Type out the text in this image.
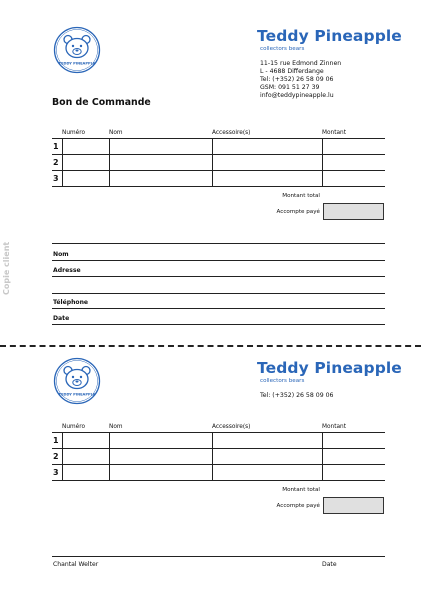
TEDDY PINEAPPLE
Teddy Pineapple
collectors bears
11-15 rue Edmond Zinnen
L - 4688 Differdange
Tel: (+352) 26 58 09 06
GSM: 091 51 27 39
info@teddypineapple.lu
Bon de Commande
Numéro	Nom	Accessoire(s)	Montant
1
2
3
Montant total
Accompte payé
Nom
Adresse
Téléphone
Date
Copie client
TEDDY PINEAPPLE
Teddy Pineapple
collectors bears
Tel: (+352) 26 58 09 06
Numéro	Nom	Accessoire(s)	Montant
1
2
3
Montant total
Accompte payé
Chantal Welter	Date
